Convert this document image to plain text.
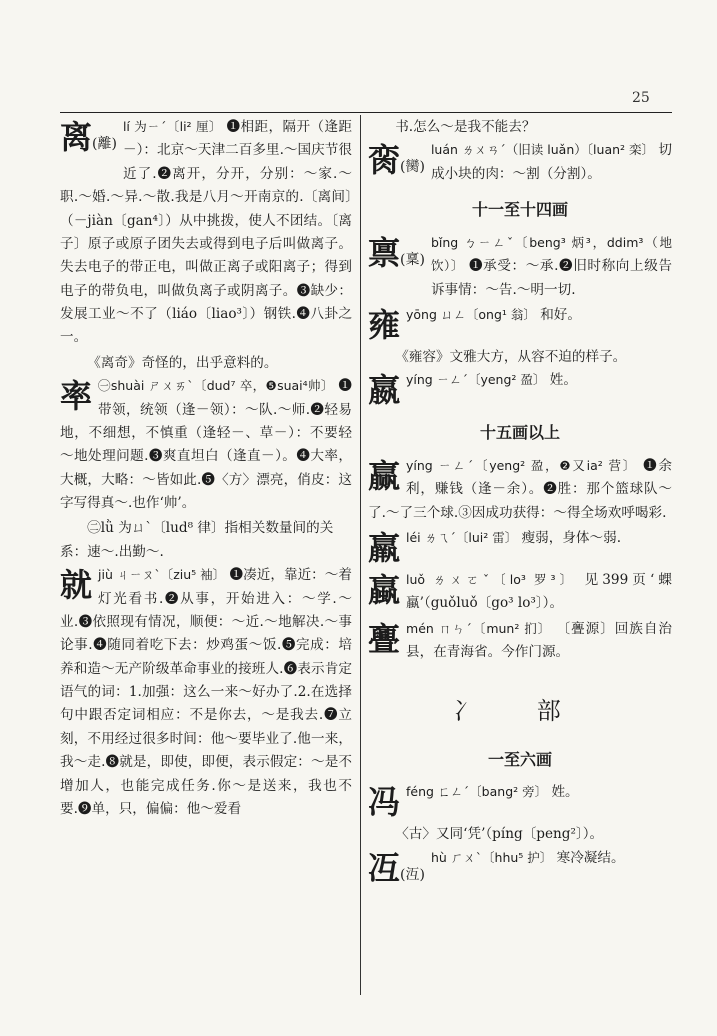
25
离(離)
lí 为ㄧˊ〔li² 厘〕 ❶相距，隔开（逢距－）：北京～天津二百多里.～国庆节很近了.❷离开，分开，分别：～家.～职.～婚.～异.～散.我是八月～开南京的.〔离间〕（－jiàn〔gan⁴〕）从中挑拨，使人不团结。〔离子〕原子或原子团失去或得到电子后叫做离子。失去电子的带正电，叫做正离子或阳离子；得到电子的带负电，叫做负离子或阴离子。❸缺少：发展工业～不了（liáo〔liao³〕）钢铁.❹八卦之一。

《离奇》奇怪的，出乎意料的。

率 ㊀shuài ㄕㄨㄞˋ〔dud⁷ 卒，❺suai⁴帅〕 ❶带领，统领（逢－领）：～队.～师.❷轻易地，不细想，不慎重（逢轻－、草－）：不要轻～地处理问题.❸爽直坦白（逢直－）。❹大率，大概，大略：～皆如此.❺〈方〉漂亮，俏皮：这字写得真～.也作‘帅’。

㊁lǜ 为ㄩˋ〔lud⁸ 律〕指相关数量间的关系：速～.出勤～.

就jiù ㄐㄧㄡˋ〔ziu⁵ 袖〕 ❶凑近，靠近：～着灯光看书.❷从事，开始进入：～学.～业.❸依照现有情况，顺便：～近.～地解决.～事论事.❹随同着吃下去：炒鸡蛋～饭.❺完成：培养和造～无产阶级革命事业的接班人.❻表示肯定语气的词：1.加强：这么一来～好办了.2.在选择句中跟否定词相应：不是你去，～是我去.❼立刻，不用经过很多时间：他～要毕业了.他一来，我～走.❽就是，即使，即便，表示假定：～是不增加人，也能完成任务.你～是送来，我也不要.❾单，只，偏偏：他～爱看

书.怎么～是我不能去？

脔(臠)
luán ㄌㄨㄢˊ（旧读 luǎn）〔luan² 栾〕 切成小块的肉：～割（分割）。
十一至十四画
禀(稟)
bǐng ㄅㄧㄥˇ〔beng³ 炳³，ddim³（地饮）〕 ❶承受：～承.❷旧时称向上级告诉事情：～告.～明一切.
雍yōng ㄩㄥ〔ong¹ 翁〕 和好。

《雍容》文雅大方，从容不迫的样子。

嬴yíng ㄧㄥˊ〔yeng² 盈〕 姓。
十五画以上
赢yíng ㄧㄥˊ〔yeng² 盈，❷又ia² 营〕 ❶余利，赚钱（逢－余）。❷胜：那个篮球队～了.～了三个球.③因成功获得：～得全场欢呼喝彩.
羸léi ㄌㄟˊ〔lui² 雷〕 瘦弱，身体～弱.
蠃luǒ ㄌㄨㄛˇ〔lo³ 罗³〕 见399页‘蜾蠃’（guǒluǒ〔go³ lo³〕）。
亹mén ㄇㄣˊ〔mun² 扪〕 〔亹源〕回族自治县，在青海省。今作门源。
冫 部
一至六画
冯féng ㄈㄥˊ〔bang² 旁〕 姓。

〈古〉又同‘凭’（píng〔peng²〕）。

冱(沍)
hù ㄏㄨˋ〔hhu⁵ 护〕 寒冷凝结。
